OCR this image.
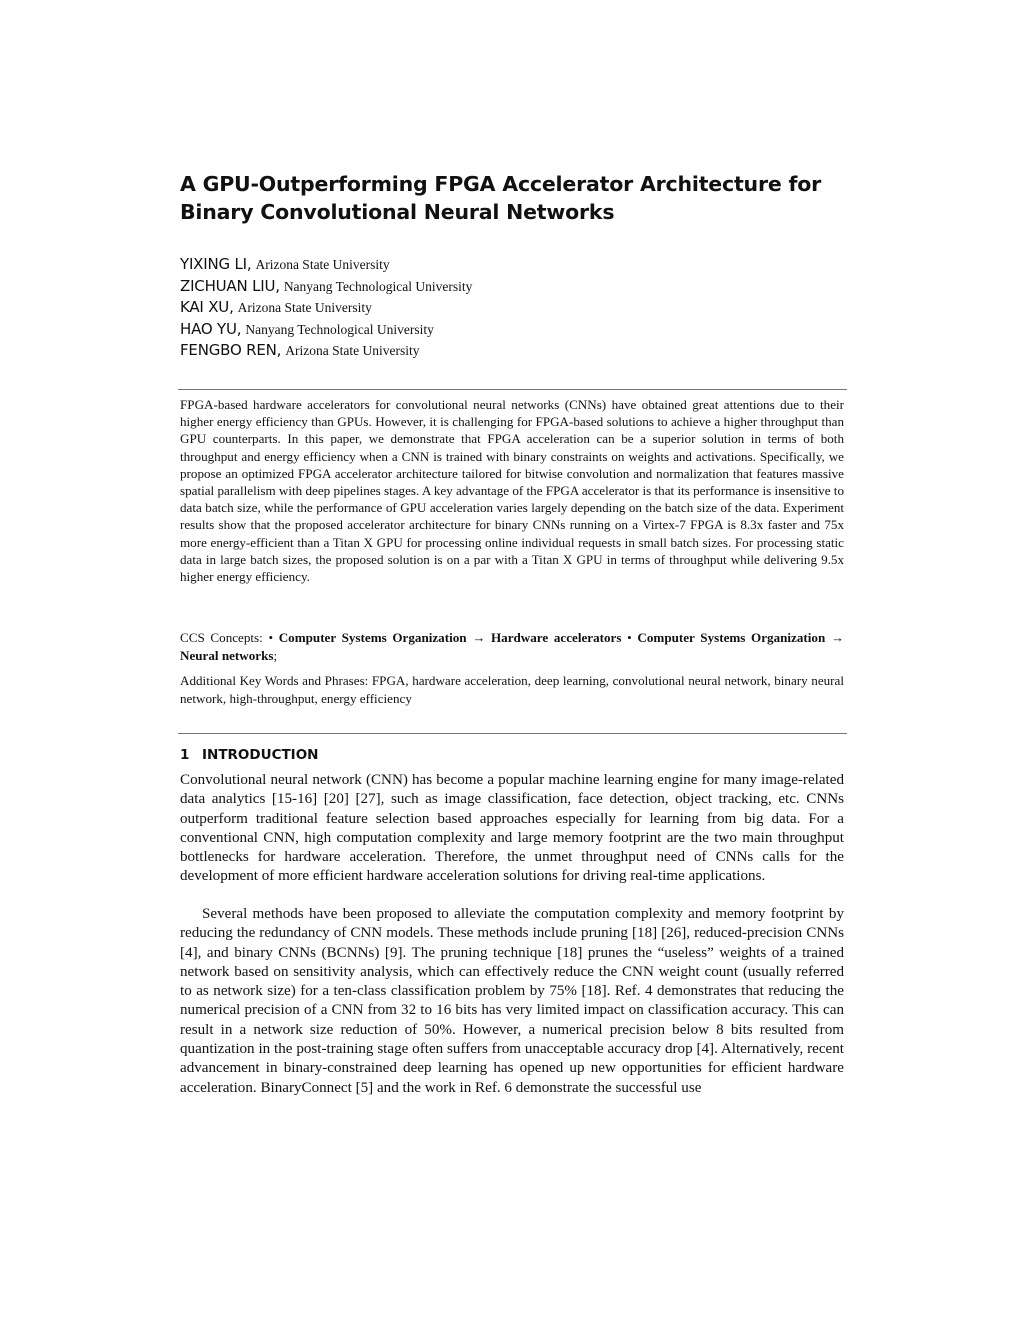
A GPU-Outperforming FPGA Accelerator Architecture for
Binary Convolutional Neural Networks
YIXING LI, Arizona State University
ZICHUAN LIU, Nanyang Technological University
KAI XU, Arizona State University
HAO YU, Nanyang Technological University
FENGBO REN, Arizona State University

FPGA-based hardware accelerators for convolutional neural networks (CNNs) have obtained great attentions due to their higher energy efficiency than GPUs. However, it is challenging for FPGA-based solutions to achieve a higher throughput than GPU counterparts. In this paper, we demonstrate that FPGA acceleration can be a superior solution in terms of both throughput and energy efficiency when a CNN is trained with binary constraints on weights and activations. Specifically, we propose an optimized FPGA accelerator architecture tailored for bitwise convolution and normalization that features massive spatial parallelism with deep pipelines stages. A key advantage of the FPGA accelerator is that its performance is insensitive to data batch size, while the performance of GPU acceleration varies largely depending on the batch size of the data. Experiment results show that the proposed accelerator architecture for binary CNNs running on a Virtex-7 FPGA is 8.3x faster and 75x more energy-efficient than a Titan X GPU for processing online individual requests in small batch sizes. For processing static data in large batch sizes, the proposed solution is on a par with a Titan X GPU in terms of throughput while delivering 9.5x higher energy efficiency.

CCS Concepts: • Computer Systems Organization → Hardware accelerators • Computer Systems Organization → Neural networks;

Additional Key Words and Phrases: FPGA, hardware acceleration, deep learning, convolutional neural network, binary neural network, high-throughput, energy efficiency

1 INTRODUCTION

Convolutional neural network (CNN) has become a popular machine learning engine for many image-related data analytics [15-16] [20] [27], such as image classification, face detection, object tracking, etc. CNNs outperform traditional feature selection based approaches especially for learning from big data. For a conventional CNN, high computation complexity and large memory footprint are the two main throughput bottlenecks for hardware acceleration. Therefore, the unmet throughput need of CNNs calls for the development of more efficient hardware acceleration solutions for driving real-time applications.

Several methods have been proposed to alleviate the computation complexity and memory footprint by reducing the redundancy of CNN models. These methods include pruning [18] [26], reduced-precision CNNs [4], and binary CNNs (BCNNs) [9]. The pruning technique [18] prunes the “useless” weights of a trained network based on sensitivity analysis, which can effectively reduce the CNN weight count (usually referred to as network size) for a ten-class classification problem by 75% [18]. Ref. 4 demonstrates that reducing the numerical precision of a CNN from 32 to 16 bits has very limited impact on classification accuracy. This can result in a network size reduction of 50%. However, a numerical precision below 8 bits resulted from quantization in the post-training stage often suffers from unacceptable accuracy drop [4]. Alternatively, recent advancement in binary-constrained deep learning has opened up new opportunities for efficient hardware acceleration. BinaryConnect [5] and the work in Ref. 6 demonstrate the successful use
